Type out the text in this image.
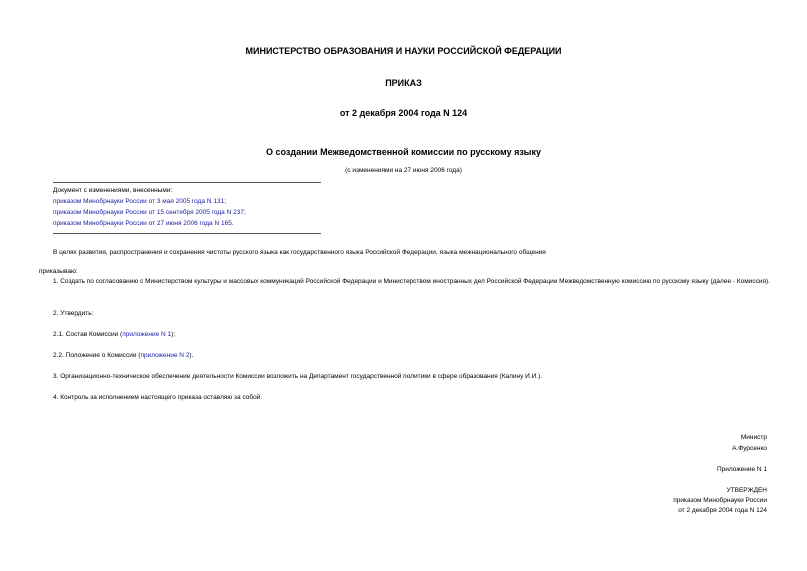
МИНИСТЕРСТВО ОБРАЗОВАНИЯ И НАУКИ РОССИЙСКОЙ ФЕДЕРАЦИИ
ПРИКАЗ
от 2 декабря 2004 года N 124
О создании Межведомственной комиссии по русскому языку
(с изменениями на 27 июня 2006 года)
Документ с изменениями, внесенными:
приказом Минобрнауки России от 3 мая 2005 года N 131;
приказом Минобрнауки России от 15 сентября 2005 года N 237;
приказом Минобрнауки России от 27 июня 2006 года N 165.
В целях развития, распространения и сохранения чистоты русского языка как государственного языка Российской Федерации, языка межнационального общения
приказываю:
1. Создать по согласованию с Министерством культуры и массовых коммуникаций Российской Федерации и Министерством иностранных дел Российской Федерации Межведомственную комиссию по русскому языку (далее - Комиссия).
2. Утвердить:
2.1. Состав Комиссии (приложение N 1);
2.2. Положение о Комиссии (приложение N 2).
3. Организационно-техническое обеспечение деятельности Комиссии возложить на Департамент государственной политики в сфере образования (Калину И.И.).
4. Контроль за исполнением настоящего приказа оставляю за собой.
Министр
А.Фурсенко
Приложение N 1
УТВЕРЖДЕН
приказом Минобрнауки России
от 2 декабря 2004 года N 124
